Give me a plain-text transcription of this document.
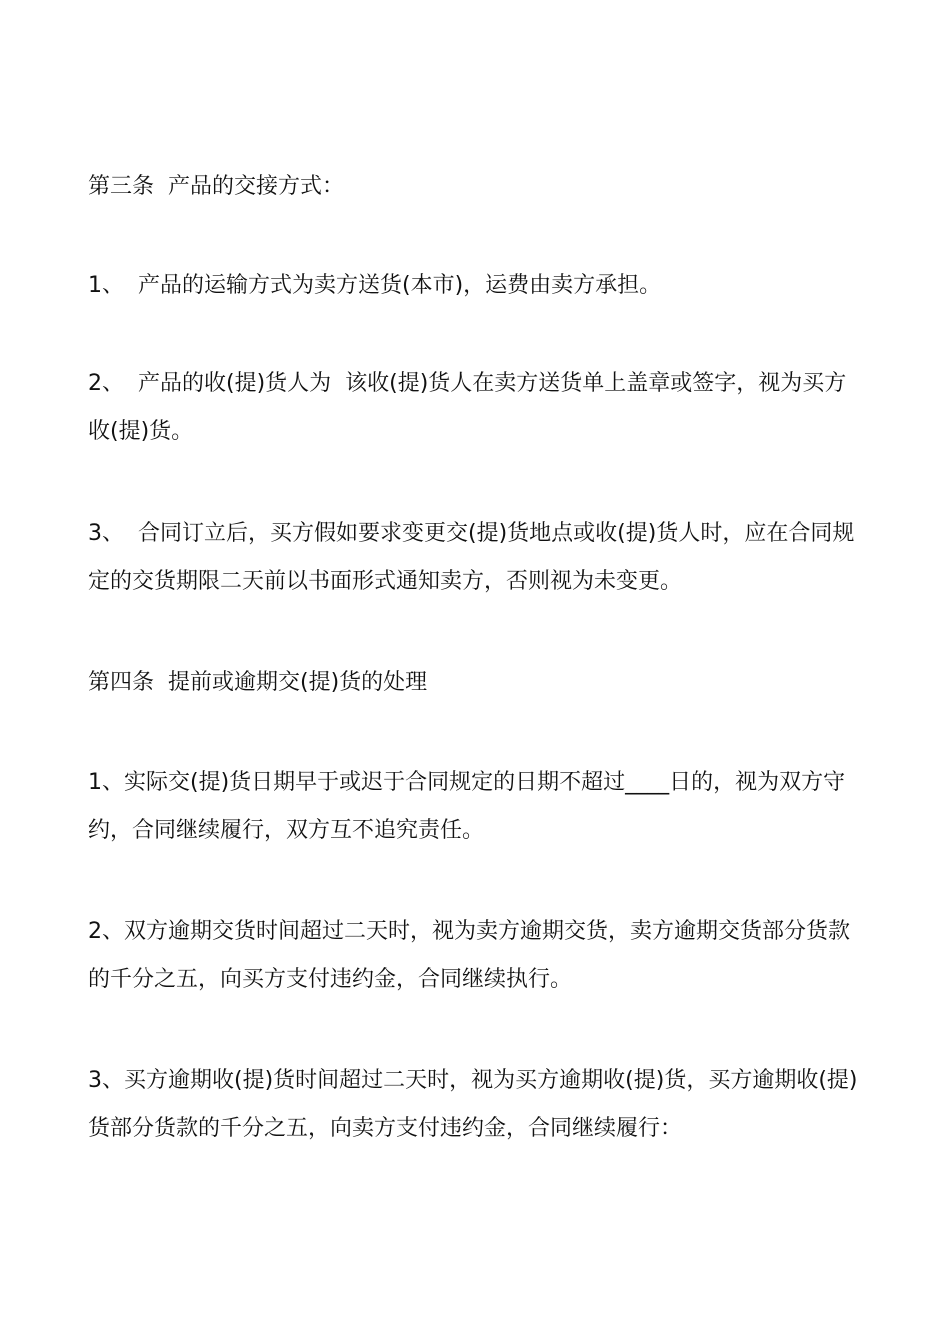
第三条  产品的交接方式：
1、  产品的运输方式为卖方送货(本市)，运费由卖方承担。
2、  产品的收(提)货人为  该收(提)货人在卖方送货单上盖章或签字，视为买方收(提)货。
3、  合同订立后，买方假如要求变更交(提)货地点或收(提)货人时，应在合同规定的交货期限二天前以书面形式通知卖方，否则视为未变更。
第四条  提前或逾期交(提)货的处理
1、实际交(提)货日期早于或迟于合同规定的日期不超过____日的，视为双方守约，合同继续履行，双方互不追究责任。
2、双方逾期交货时间超过二天时，视为卖方逾期交货，卖方逾期交货部分货款的千分之五，向买方支付违约金，合同继续执行。
3、买方逾期收(提)货时间超过二天时，视为买方逾期收(提)货，买方逾期收(提)货部分货款的千分之五，向卖方支付违约金，合同继续履行：
